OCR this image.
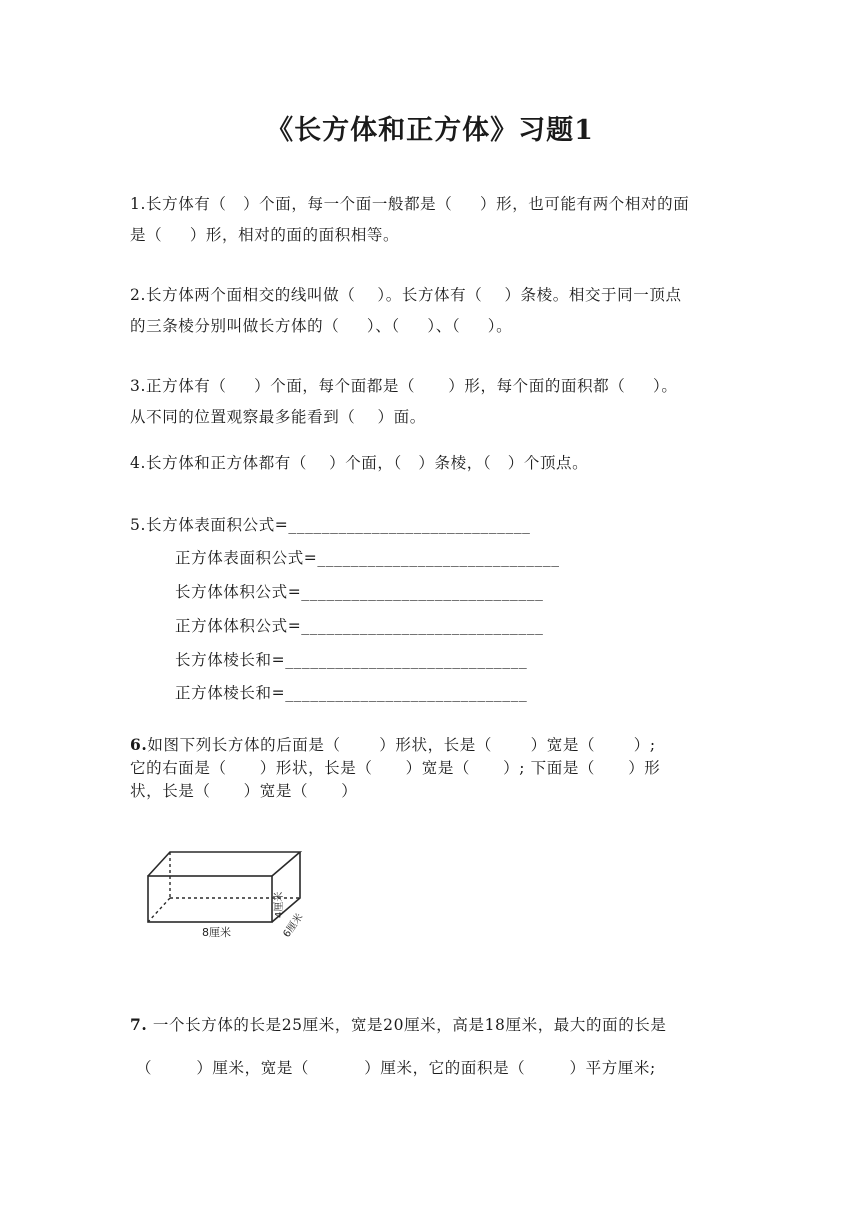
《长方体和正方体》习题1
1.长方体有（   ）个面，每一个面一般都是（     ）形，也可能有两个相对的面
是（     ）形，相对的面的面积相等。
2.长方体两个面相交的线叫做（    ）。长方体有（    ）条棱。相交于同一顶点
的三条棱分别叫做长方体的（     ）、（     ）、（     ）。
3.正方体有（     ）个面，每个面都是（      ）形，每个面的面积都（     ）。
从不同的位置观察最多能看到（    ）面。
4.长方体和正方体都有（    ）个面，（   ）条棱，（   ）个顶点。
5.长方体表面积公式=_____________________________
正方体表面积公式=_____________________________
长方体体积公式=_____________________________
正方体体积公式=_____________________________
长方体棱长和=_____________________________
正方体棱长和=_____________________________
6.如图下列长方体的后面是（       ）形状，长是（       ）宽是（       ）;
它的右面是（      ）形状，长是（      ）宽是（      ）; 下面是（      ）形
状，长是（      ）宽是（      ）
8厘米
4厘米
6厘米
7. 一个长方体的长是25厘米，宽是20厘米，高是18厘米，最大的面的长是
（        ）厘米，宽是（          ）厘米，它的面积是（        ）平方厘米;
